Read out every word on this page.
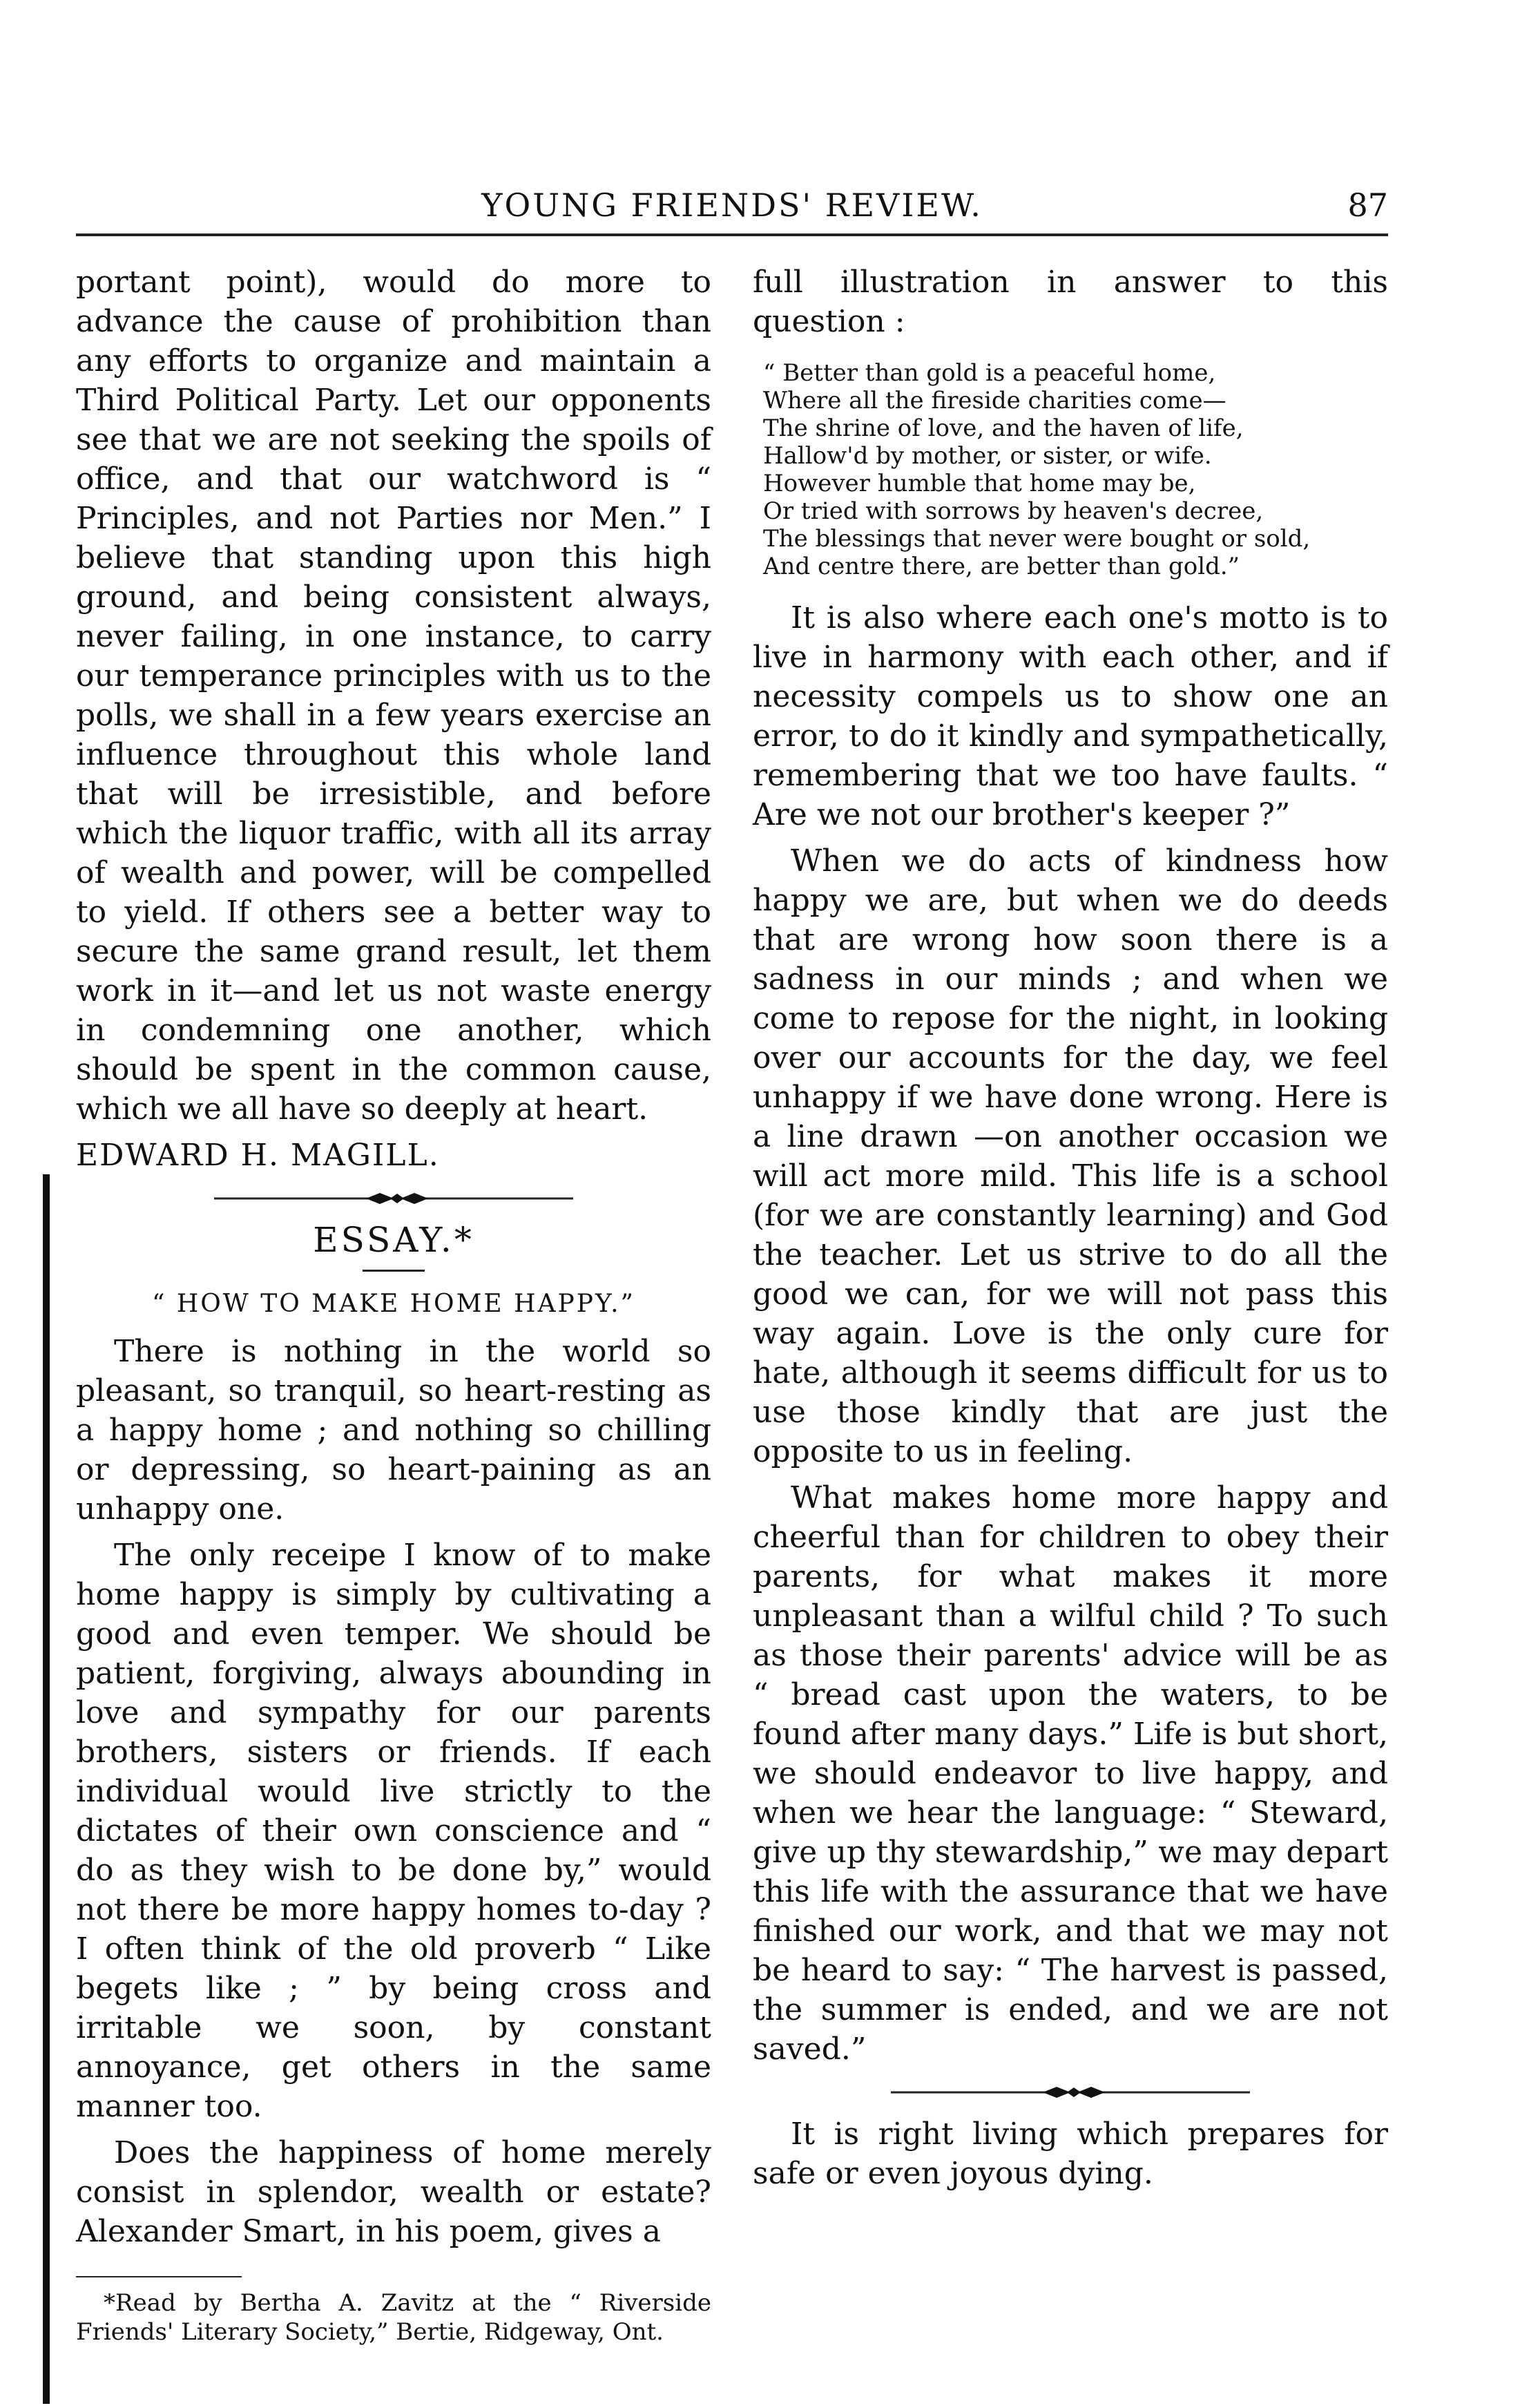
YOUNG FRIENDS' REVIEW.	87

portant point), would do more to advance the cause of prohibition than any efforts to organize and maintain a Third Political Party. Let our opponents see that we are not seeking the spoils of office, and that our watchword is “ Principles, and not Parties nor Men.” I believe that standing upon this high ground, and being consistent always, never failing, in one instance, to carry our temperance principles with us to the polls, we shall in a few years exercise an influence throughout this whole land that will be irresistible, and before which the liquor traffic, with all its array of wealth and power, will be compelled to yield. If others see a better way to secure the same grand result, let them work in it—and let us not waste energy in condemning one another, which should be spent in the common cause, which we all have so deeply at heart.

EDWARD H. MAGILL.

ESSAY.*
“ HOW TO MAKE HOME HAPPY.”

There is nothing in the world so pleasant, so tranquil, so heart-resting as a happy home ; and nothing so chilling or depressing, so heart-paining as an unhappy one.

The only receipe I know of to make home happy is simply by cultivating a good and even temper. We should be patient, forgiving, always abounding in love and sympathy for our parents brothers, sisters or friends. If each individual would live strictly to the dictates of their own conscience and “ do as they wish to be done by,” would not there be more happy homes to-day ? I often think of the old proverb “ Like begets like ; ” by being cross and irritable we soon, by constant annoyance, get others in the same manner too.

Does the happiness of home merely consist in splendor, wealth or estate? Alexander Smart, in his poem, gives a

*Read by Bertha A. Zavitz at the “ Riverside Friends' Literary Society,” Bertie, Ridgeway, Ont.

full illustration in answer to this question :

“ Better than gold is a peaceful home,
Where all the fireside charities come—
The shrine of love, and the haven of life,
Hallow'd by mother, or sister, or wife.
However humble that home may be,
Or tried with sorrows by heaven's decree,
The blessings that never were bought or sold,
And centre there, are better than gold.”

It is also where each one's motto is to live in harmony with each other, and if necessity compels us to show one an error, to do it kindly and sympathetically, remembering that we too have faults. “ Are we not our brother's keeper ?”

When we do acts of kindness how happy we are, but when we do deeds that are wrong how soon there is a sadness in our minds ; and when we come to repose for the night, in looking over our accounts for the day, we feel unhappy if we have done wrong. Here is a line drawn —on another occasion we will act more mild. This life is a school (for we are constantly learning) and God the teacher. Let us strive to do all the good we can, for we will not pass this way again. Love is the only cure for hate, although it seems difficult for us to use those kindly that are just the opposite to us in feeling.

What makes home more happy and cheerful than for children to obey their parents, for what makes it more unpleasant than a wilful child ? To such as those their parents' advice will be as “ bread cast upon the waters, to be found after many days.” Life is but short, we should endeavor to live happy, and when we hear the language: “ Steward, give up thy stewardship,” we may depart this life with the assurance that we have finished our work, and that we may not be heard to say: “ The harvest is passed, the summer is ended, and we are not saved.”

It is right living which prepares for safe or even joyous dying.
